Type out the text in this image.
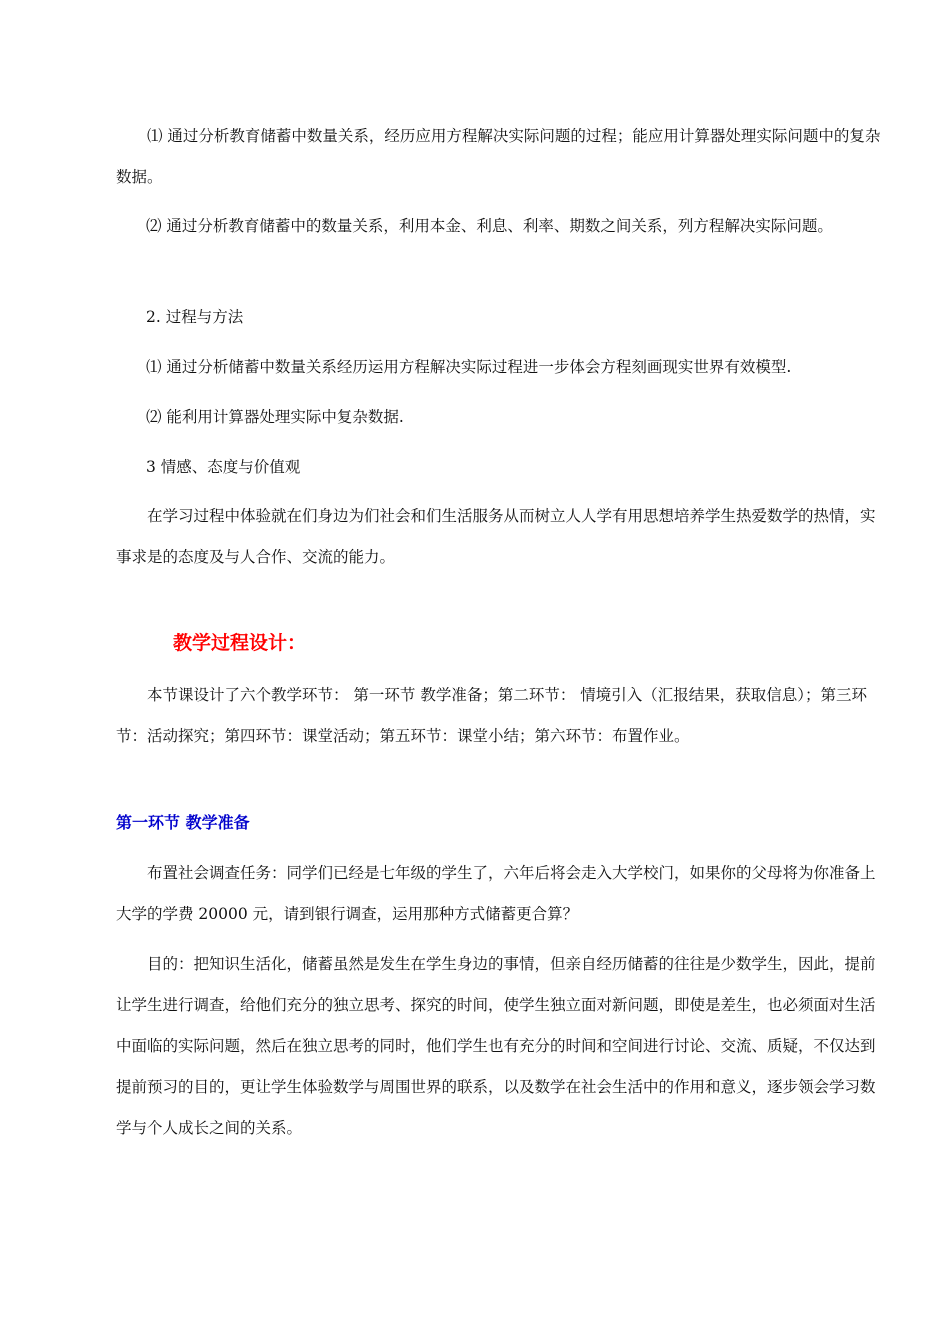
⑴ 通过分析教育储蓄中数量关系，经历应用方程解决实际问题的过程；能应用计算器处理实际问题中的复杂数据。

⑵ 通过分析教育储蓄中的数量关系，利用本金、利息、利率、期数之间关系，列方程解决实际问题。

2. 过程与方法

⑴ 通过分析储蓄中数量关系经历运用方程解决实际过程进一步体会方程刻画现实世界有效模型.

⑵ 能利用计算器处理实际中复杂数据.

3 情感、态度与价值观

在学习过程中体验就在们身边为们社会和们生活服务从而树立人人学有用思想培养学生热爱数学的热情，实事求是的态度及与人合作、交流的能力。

教学过程设计：

本节课设计了六个教学环节： 第一环节 教学准备；第二环节： 情境引入（汇报结果，获取信息）；第三环节：活动探究；第四环节：课堂活动；第五环节：课堂小结；第六环节：布置作业。

第一环节 教学准备

布置社会调查任务：同学们已经是七年级的学生了，六年后将会走入大学校门，如果你的父母将为你准备上大学的学费 20000 元，请到银行调查，运用那种方式储蓄更合算？

目的：把知识生活化，储蓄虽然是发生在学生身边的事情，但亲自经历储蓄的往往是少数学生，因此，提前让学生进行调查，给他们充分的独立思考、探究的时间，使学生独立面对新问题，即使是差生，也必须面对生活中面临的实际问题，然后在独立思考的同时，他们学生也有充分的时间和空间进行讨论、交流、质疑，不仅达到提前预习的目的，更让学生体验数学与周围世界的联系，以及数学在社会生活中的作用和意义，逐步领会学习数学与个人成长之间的关系。
